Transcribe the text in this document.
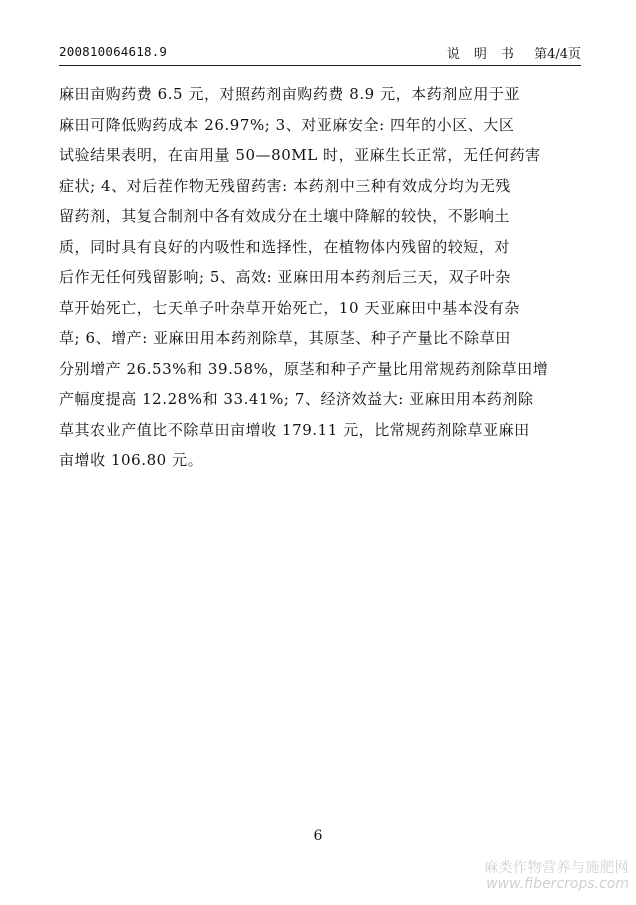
200810064618.9	说明书 第4/4页
麻田亩购药费 6.5 元，对照药剂亩购药费 8.9 元，本药剂应用于亚
麻田可降低购药成本 26.97%; 3、对亚麻安全: 四年的小区、大区
试验结果表明，在亩用量 50—80ML 时，亚麻生长正常，无任何药害
症状; 4、对后茬作物无残留药害: 本药剂中三种有效成分均为无残
留药剂，其复合制剂中各有效成分在土壤中降解的较快，不影响土
质，同时具有良好的内吸性和选择性，在植物体内残留的较短，对
后作无任何残留影响; 5、高效: 亚麻田用本药剂后三天，双子叶杂
草开始死亡，七天单子叶杂草开始死亡，10 天亚麻田中基本没有杂
草; 6、增产: 亚麻田用本药剂除草，其原茎、种子产量比不除草田
分别增产 26.53%和 39.58%，原茎和种子产量比用常规药剂除草田增
产幅度提高 12.28%和 33.41%; 7、经济效益大: 亚麻田用本药剂除
草其农业产值比不除草田亩增收 179.11 元，比常规药剂除草亚麻田
亩增收 106.80 元。
6
麻类作物营养与施肥网
www.fibercrops.com
